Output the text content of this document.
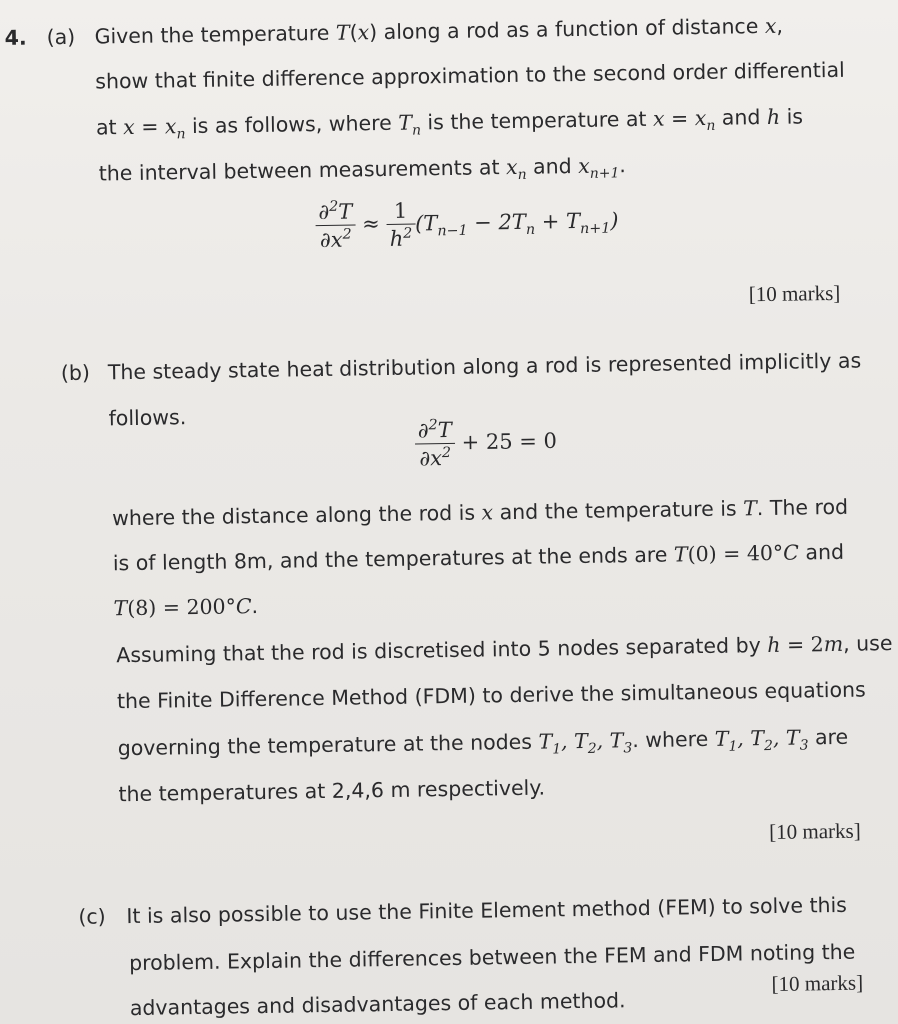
4. (a) Given the temperature T(x) along a rod as a function of distance x,
show that finite difference approximation to the second order differential
at $x = x_n$ is as follows, where $T_n$ is the temperature at $x = x_n$ and h is
the interval between measurements at $x_n$ and $x_{n+1}$.
$\frac{\partial^2T}{\partial x^2} \approx \frac{1}{h^2} (T_{n-1} - 2T_n + T_{n+1})$
[10 marks]
(b) The steady state heat distribution along a rod is represented implicitly as
follows.	$\frac{\partial^2T}{\partial x^2} + 25 = 0$
where the distance along the rod is x and the temperature is T. The rod
is of length 8m, and the temperatures at the ends are T(0) = 40°C and
T(8) = 200°C.
Assuming that the rod is discretised into 5 nodes separated by h = 2m, use
the Finite Difference Method (FDM) to derive the simultaneous equations
governing the temperature at the nodes $T_1$, $T_2$, $T_3$. where $T_1$, $T_2$, $T_3$ are
the temperatures at 2,4,6 m respectively.
[10 marks]
(c) It is also possible to use the Finite Element method (FEM) to solve this
problem. Explain the differences between the FEM and FDM noting the
advantages and disadvantages of each method.
[10 marks]
